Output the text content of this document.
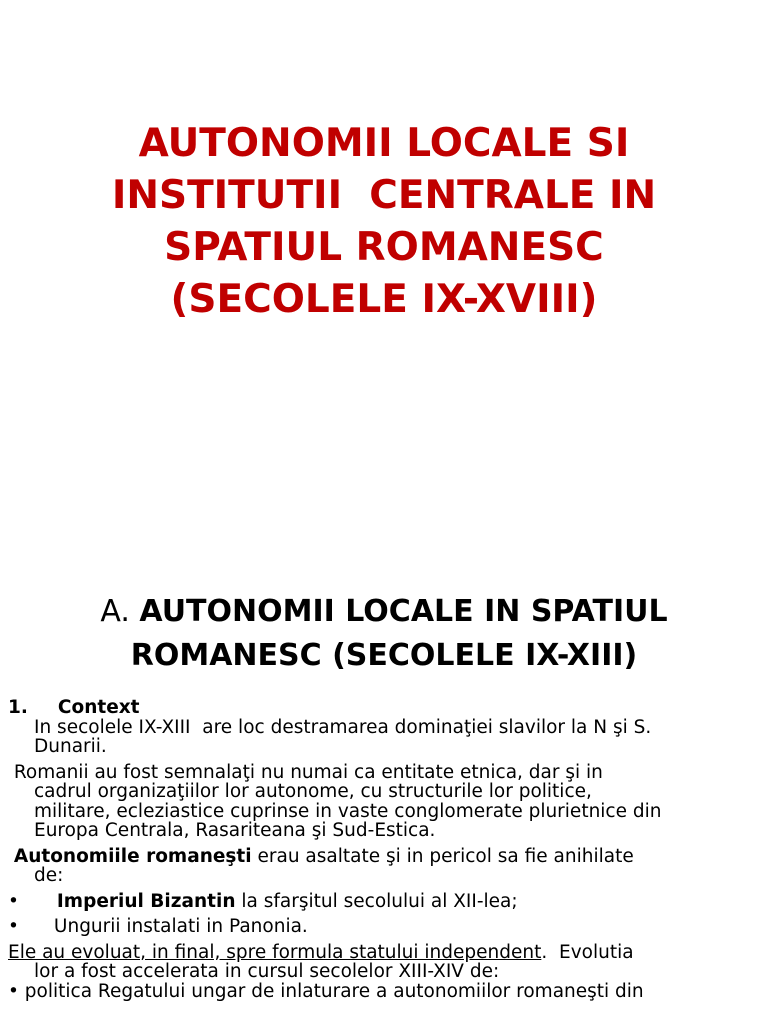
AUTONOMII LOCALE SI
INSTITUTII  CENTRALE IN
SPATIUL ROMANESC
(SECOLELE IX-XVIII)
A. AUTONOMII LOCALE IN SPATIUL
ROMANESC (SECOLELE IX-XIII)
1. Context
In secolele IX-XIII  are loc destramarea dominaţiei slavilor la N şi S.
Dunarii.
Romanii au fost semnalaţi nu numai ca entitate etnica, dar şi in
cadrul organizaţiilor lor autonome, cu structurile lor politice,
militare, ecleziastice cuprinse in vaste conglomerate plurietnice din
Europa Centrala, Rasariteana şi Sud-Estica.
Autonomiile romaneşti erau asaltate şi in pericol sa fie anihilate
de:
• Imperiul Bizantin la sfarşitul secolului al XII-lea;
• Ungurii instalati in Panonia.
Ele au evoluat, in final, spre formula statului independent.  Evolutia
lor a fost accelerata in cursul secolelor XIII-XIV de:
• politica Regatului ungar de inlaturare a autonomiilor romaneşti din
